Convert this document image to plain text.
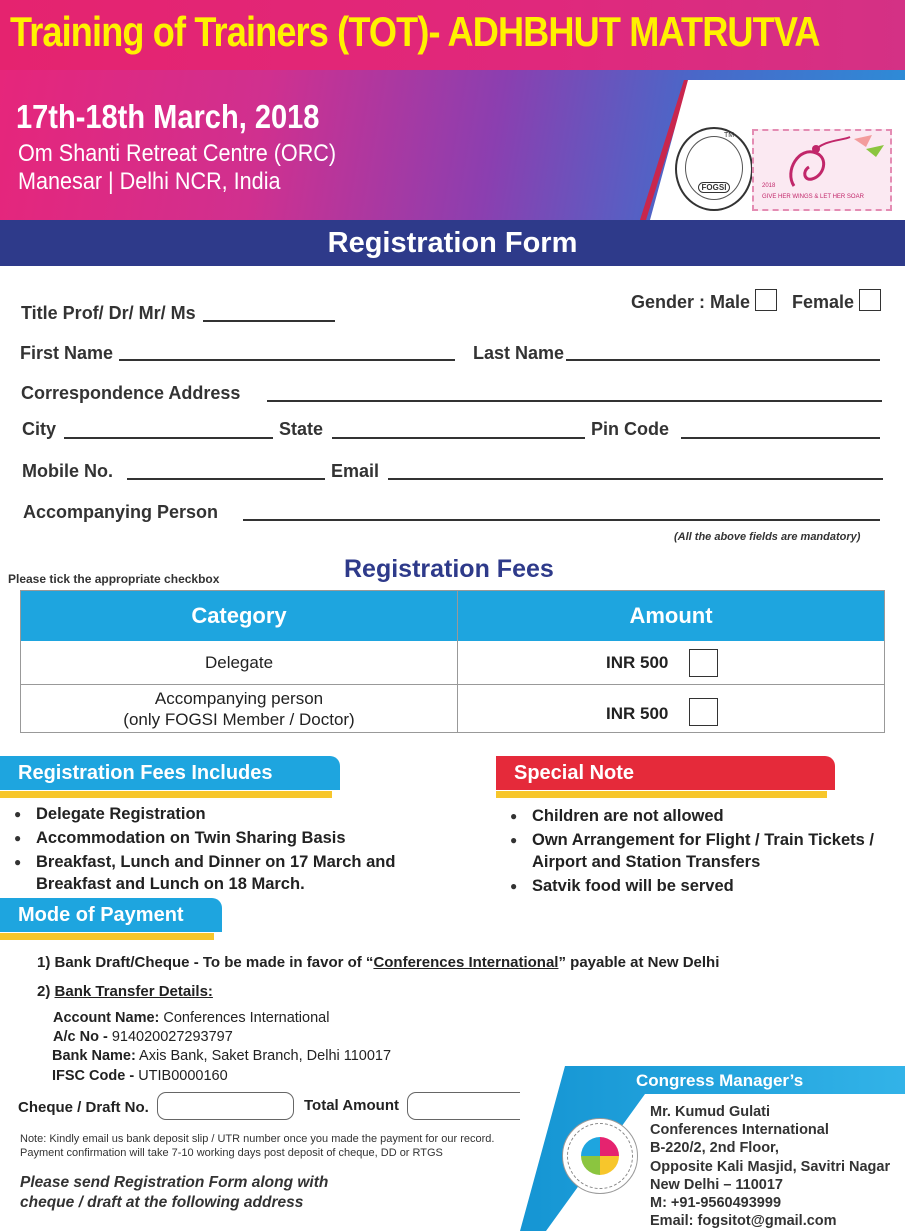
Training of Trainers (TOT)- ADHBHUT MATRUTVA
17th-18th March, 2018
Om Shanti Retreat Centre (ORC)
Manesar | Delhi NCR, India	FOGSI
TM
2018
GIVE HER WINGS & LET HER SOAR
Registration Form
Gender : Male Female
Title Prof/ Dr/ Mr/ Ms
First Name	Last Name
Correspondence Address
City	State	Pin Code
Mobile No.	Email
Accompanying Person
(All the above fields are mandatory)
Please tick the appropriate checkbox	Registration Fees
Category	Amount
Delegate	INR 500
Accompanying person
(only FOGSI Member / Doctor)	INR 500
Registration Fees Includes
● Delegate Registration
● Accommodation on Twin Sharing Basis
● Breakfast, Lunch and Dinner on 17 March and Breakfast and Lunch on 18 March.
Special Note
● Children are not allowed
● Own Arrangement for Flight / Train Tickets / Airport and Station Transfers
● Satvik food will be served
Mode of Payment
1) Bank Draft/Cheque - To be made in favor of “Conferences International” payable at New Delhi
2) Bank Transfer Details:
Account Name: Conferences International
A/c No - 914020027293797
Bank Name: Axis Bank, Saket Branch, Delhi 110017
IFSC Code - UTIB0000160
Cheque / Draft No.	Total Amount
Note: Kindly email us bank deposit slip / UTR number once you made the payment for our record.
Payment confirmation will take 7-10 working days post deposit of cheque, DD or RTGS
Please send Registration Form along with
cheque / draft at the following address
Congress Manager’s
Mr. Kumud Gulati
Conferences International
B-220/2, 2nd Floor,
Opposite Kali Masjid, Savitri Nagar
New Delhi – 110017
M: +91-9560493999
Email: fogsitot@gmail.com
